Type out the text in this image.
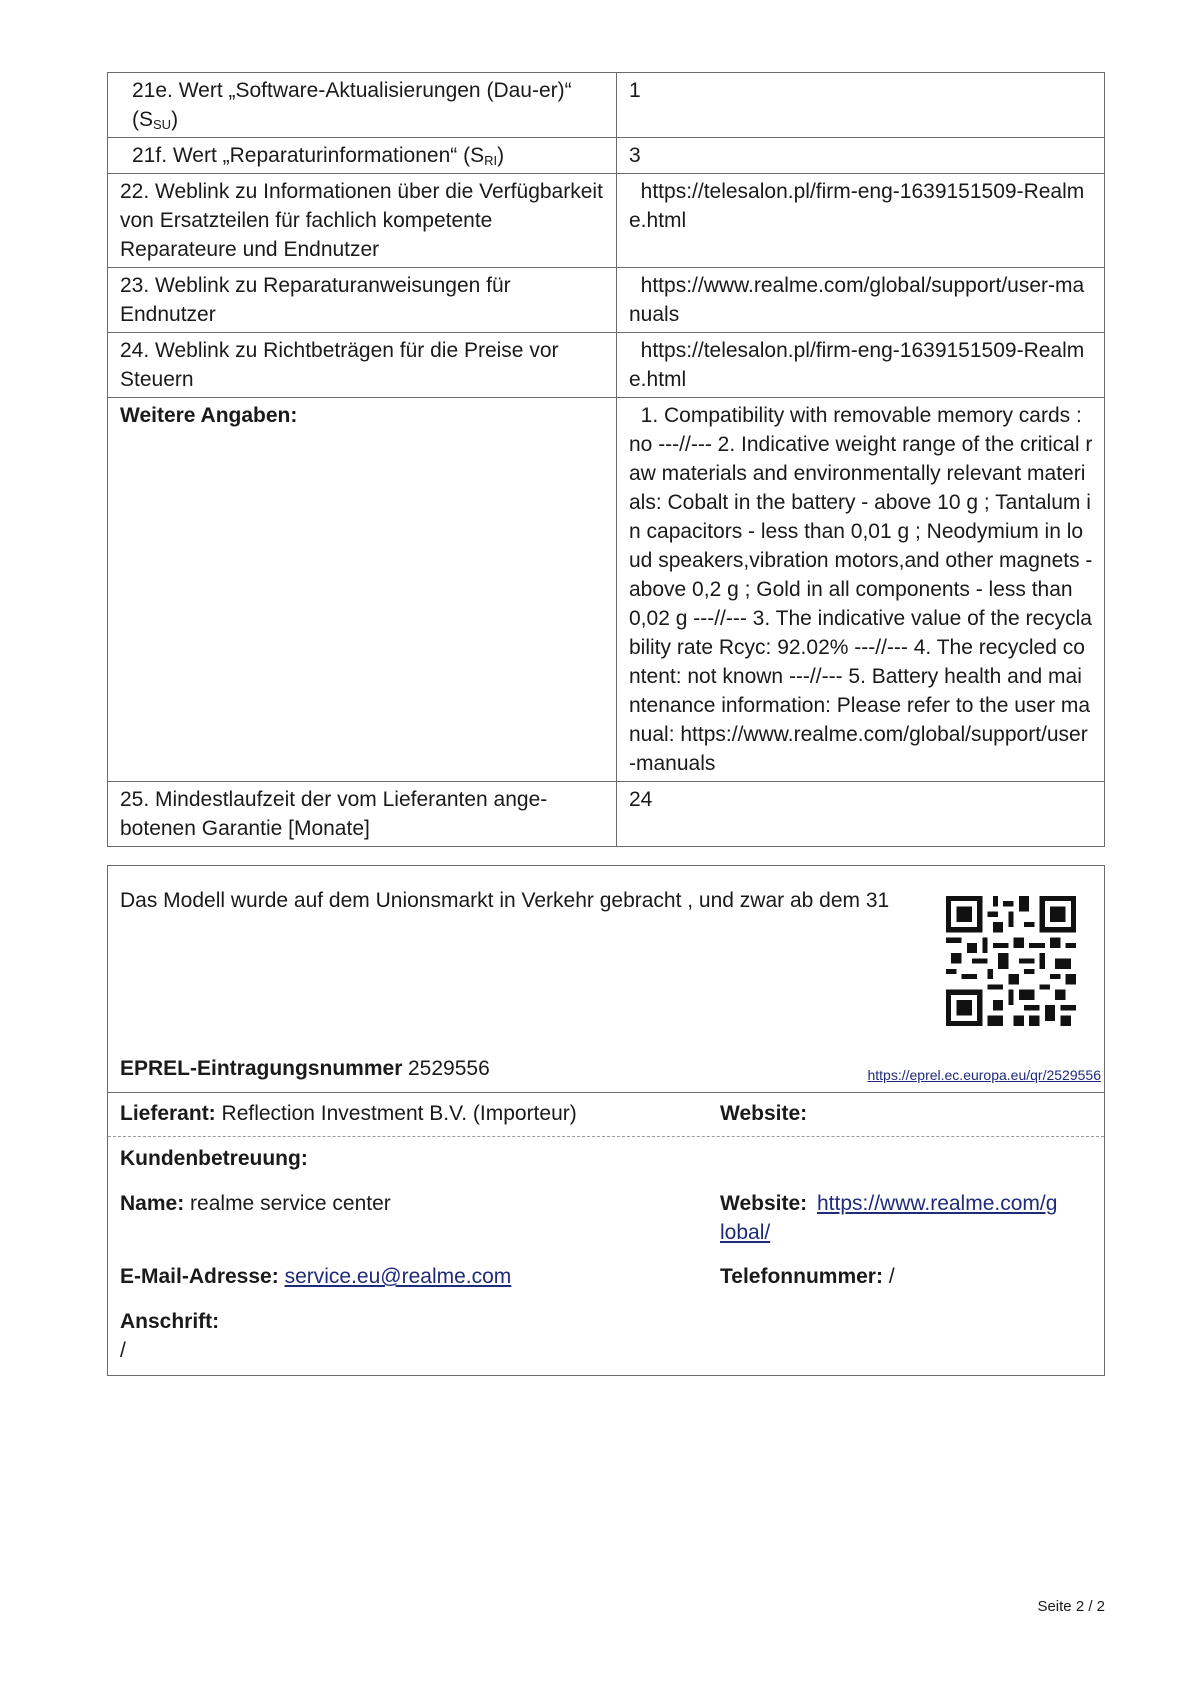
21e. Wert „Software-Aktualisierungen (Dau-er)“ $(S_{SU})$	1
21f. Wert „Reparaturinformationen“ $(S_{RI})$	3
22. Weblink zu Informationen über die Verfügbarkeit von Ersatzteilen für fachlich kompetente Reparateure und Endnutzer	https://telesalon.pl/firm-eng-1639151509-Realme.html
23. Weblink zu Reparaturanweisungen für Endnutzer	https://www.realme.com/global/support/user-manuals
24. Weblink zu Richtbeträgen für die Preise vor Steuern	https://telesalon.pl/firm-eng-1639151509-Realme.html
Weitere Angaben:	1. Compatibility with removable memory cards : no ---//--- 2. Indicative weight range of the critical raw materials and environmentally relevant materials: Cobalt in the battery - above 10 g ; Tantalum in capacitors - less than 0,01 g ; Neodymium in loud speakers,vibration motors,and other magnets - above 0,2 g ; Gold in all components - less than 0,02 g ---//--- 3. The indicative value of the recyclability rate Rcyc: 92.02% ---//--- 4. The recycled content: not known ---//--- 5. Battery health and maintenance information: Please refer to the user manual: https://www.realme.com/global/support/user-manuals
25. Mindestlaufzeit der vom Lieferanten ange-botenen Garantie [Monate]	24
Das Modell wurde auf dem Unionsmarkt in Verkehr gebracht , und zwar ab dem 31
EPREL-Eintragungsnummer 2529556	https://eprel.ec.europa.eu/qr/2529556
Lieferant: Reflection Investment B.V. (Importeur)	Website:
Kundenbetreuung:
Name: realme service center	Website: https://www.realme.com/g
lobal/
E-Mail-Adresse: service.eu@realme.com	Telefonnummer: /
Anschrift:
/
Seite 2 / 2
